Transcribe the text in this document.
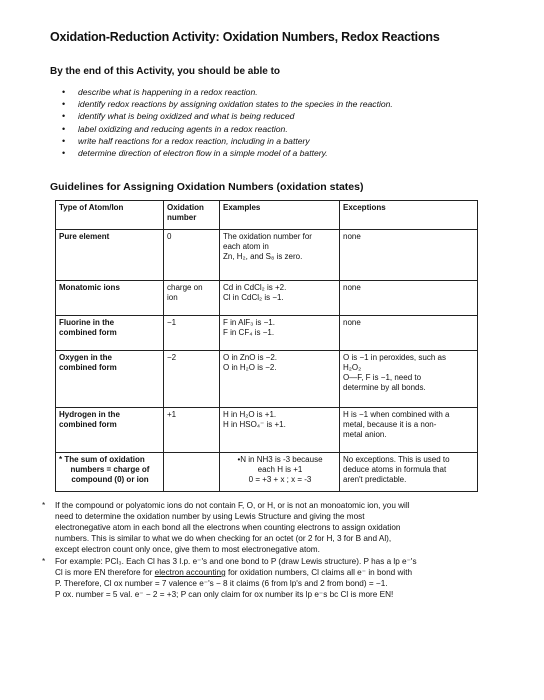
Oxidation-Reduction Activity: Oxidation Numbers, Redox Reactions
By the end of this Activity, you should be able to
• describe what is happening in a redox reaction.
• identify redox reactions by assigning oxidation states to the species in the reaction.
• identify what is being oxidized and what is being reduced
• label oxidizing and reducing agents in a redox reaction.
• write half reactions for a redox reaction, including in a battery
• determine direction of electron flow in a simple model of a battery.
Guidelines for Assigning Oxidation Numbers (oxidation states)
Type of Atom/Ion	Oxidation
number	Examples	Exceptions

Pure element	0	The oxidation number for
each atom in
Zn, H₂, and S₈ is zero.	none

Monatomic ions	charge on
ion	Cd in CdCl₂ is +2.
Cl in CdCl₂ is −1.	none

Fluorine in the
combined form	−1	F in AlF₃ is −1.
F in CF₄ is −1.	none

Oxygen in the
combined form	−2	O in ZnO is −2.
O in H₂O is −2.	O is −1 in peroxides, such as
H₂O₂
O—F, F is −1, need to
determine by all bonds.

Hydrogen in the
combined form	+1	H in H₂O is +1.
H in HSO₄⁻ is +1.	H is −1 when combined with a
metal, because it is a non-
metal anion.

* The sum of oxidation
numbers = charge of
compound (0) or ion		•N in NH3 is -3 because
each H is +1
0 = +3 + x ; x = -3	No exceptions. This is used to
deduce atoms in formula that
aren't predictable.
* If the compound or polyatomic ions do not contain F, O, or H, or is not an monoatomic ion, you will
need to determine the oxidation number by using Lewis Structure and giving the most
electronegative atom in each bond all the electrons when counting electrons to assign oxidation
numbers. This is similar to what we do when checking for an octet (or 2 for H, 3 for B and Al),
except electron count only once, give them to most electronegative atom.
* For example: PCl₃. Each Cl has 3 l.p. e⁻'s and one bond to P (draw Lewis structure). P has a lp e⁻'s
Cl is more EN therefore for electron accounting for oxidation numbers, Cl claims all e⁻ in bond with
P. Therefore, Cl ox number = 7 valence e⁻'s − 8 it claims (6 from lp's and 2 from bond) = −1.
P ox. number = 5 val. e⁻ − 2 = +3; P can only claim for ox number its lp e⁻s bc Cl is more EN!
